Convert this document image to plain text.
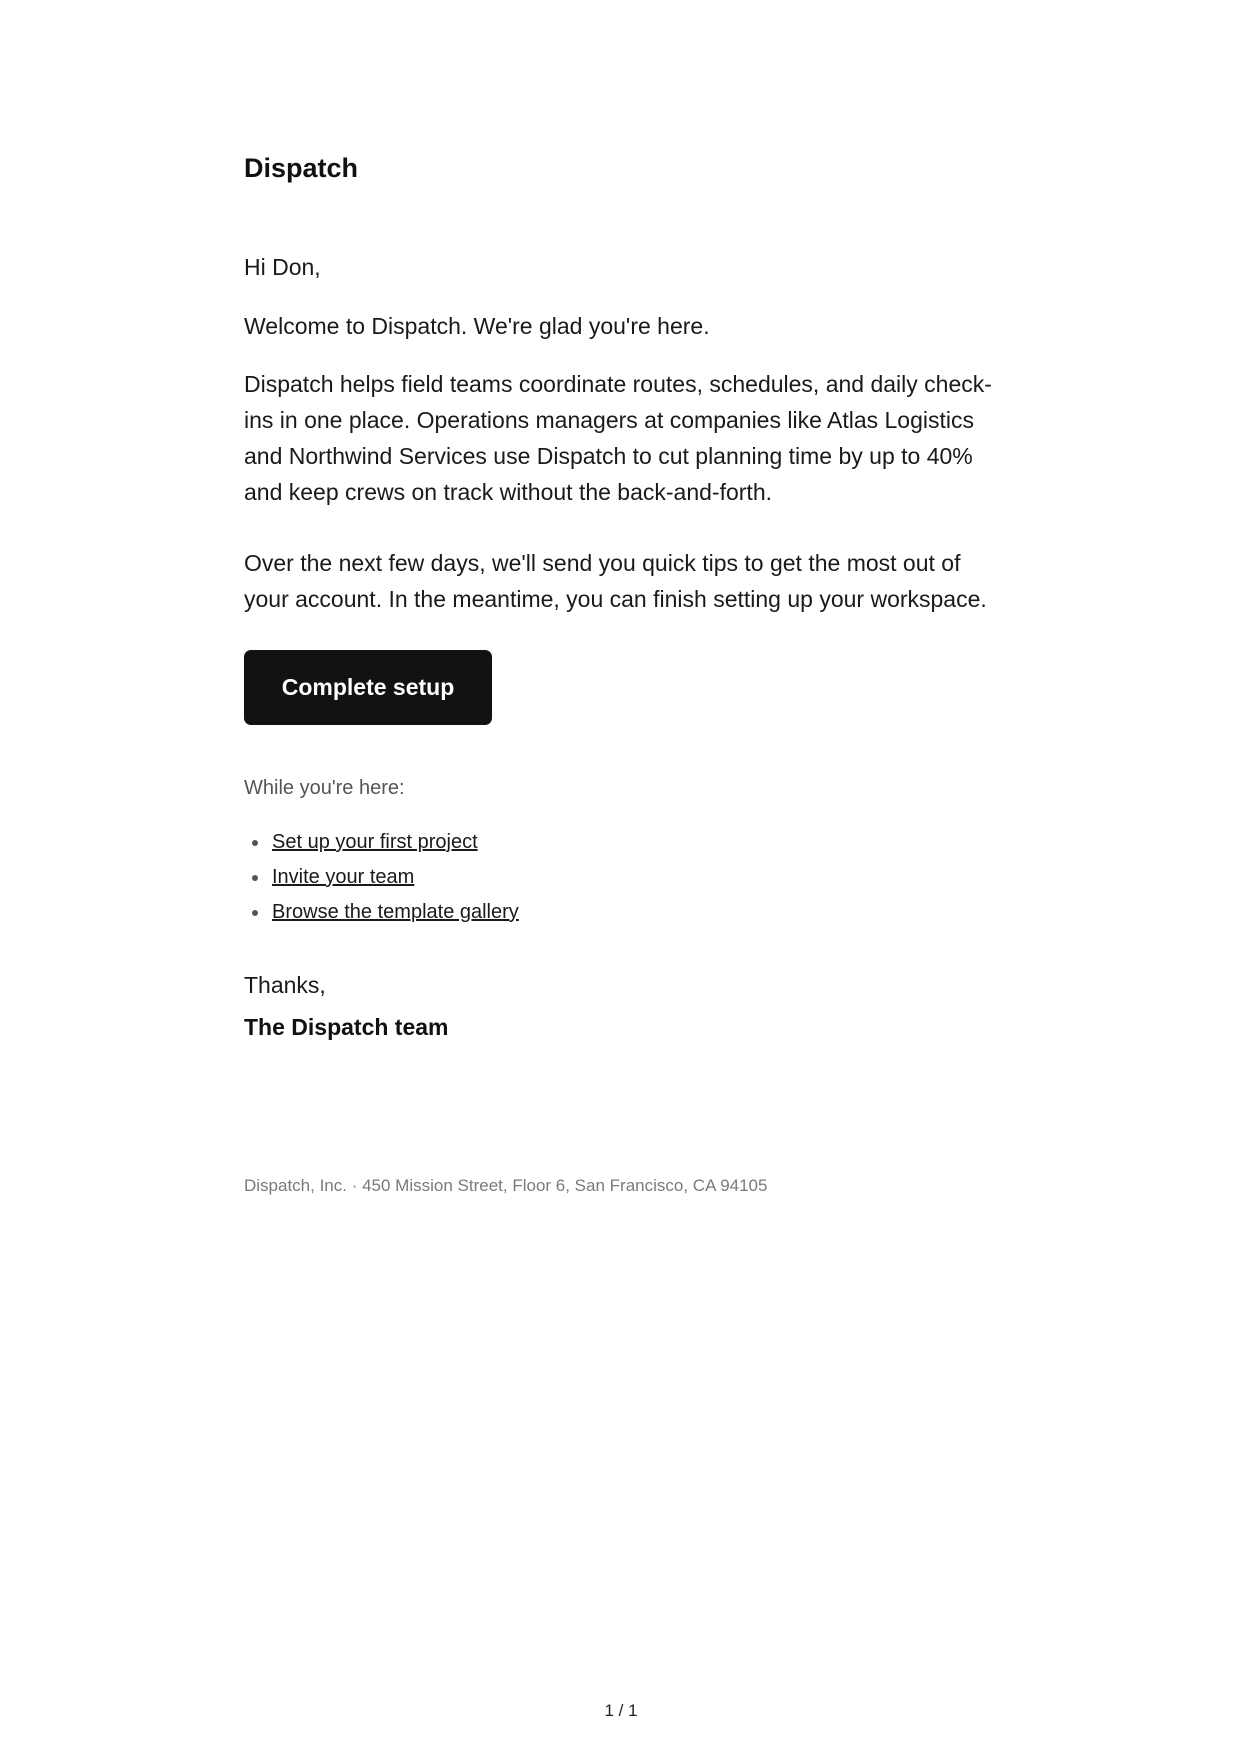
Dispatch

Hi Don,

Welcome to Dispatch. We're glad you're here.

Dispatch helps field teams coordinate routes, schedules, and daily check-ins in one place. Operations managers at companies like Atlas Logistics and Northwind Services use Dispatch to cut planning time by up to 40% and keep crews on track without the back-and-forth.

Over the next few days, we'll send you quick tips to get the most out of your account. In the meantime, you can finish setting up your workspace.

Complete setup

While you're here:

Set up your first project
Invite your team
Browse the template gallery

Thanks,

The Dispatch team

Dispatch, Inc. · 450 Mission Street, Floor 6, San Francisco, CA 94105

1 / 1
